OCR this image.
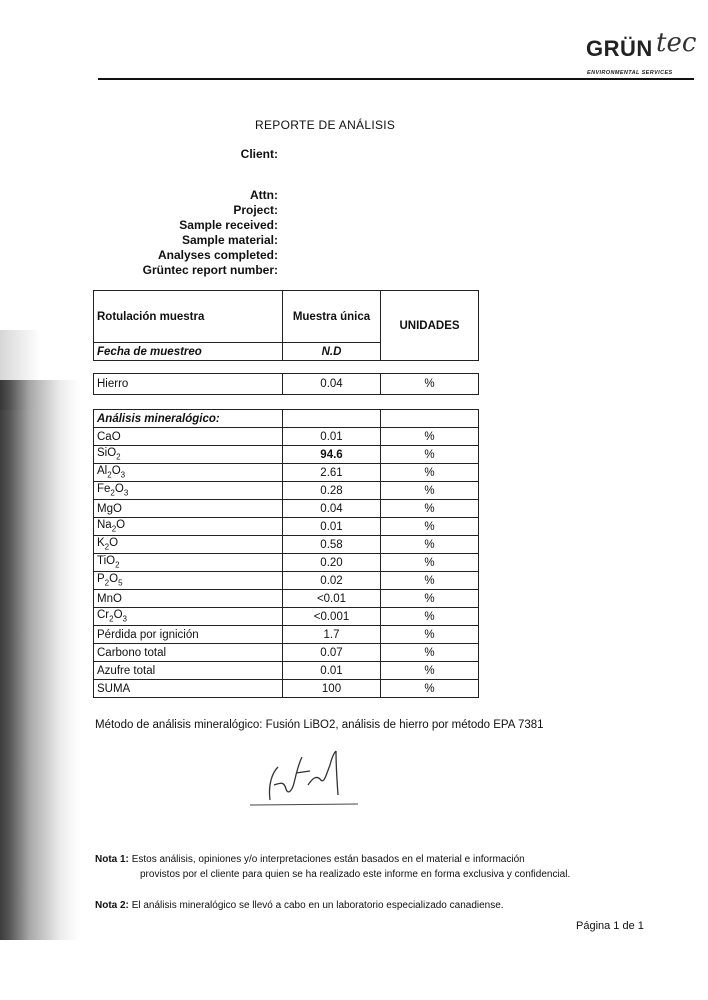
GRÜN tec
ENVIRONMENTAL SERVICES
REPORTE DE ANÁLISIS
Client:
Attn:
Project:
Sample received:
Sample material:
Analyses completed:
Grüntec report number:
Rotulación muestra	Muestra única	UNIDADES
Fecha de muestreo	N.D	
Hierro	0.04	%
Análisis mineralógico:		
CaO	0.01	%
SiO$_2$	94.6	%
$Al_2O_3$	2.61	%
$Fe_2O_3$	0.28	%
MgO	0.04	%
$Na_2O$	0.01	%
$K_2O$	0.58	%
TiO$_2$	0.20	%
$P_2O_5$	0.02	%
MnO	<0.01	%
$Cr_2O_3$	<0.001	%
Pérdida por ignición	1.7	%
Carbono total	0.07	%
Azufre total	0.01	%
SUMA	100	%
Método de análisis mineralógico: Fusión LiBO2, análisis de hierro por método EPA 7381
Nota 1: Estos análisis, opiniones y/o interpretaciones están basados en el material e información
provistos por el cliente para quien se ha realizado este informe en forma exclusiva y confidencial.
Nota 2: El análisis mineralógico se llevó a cabo en un laboratorio especializado canadiense.
Página 1 de 1
